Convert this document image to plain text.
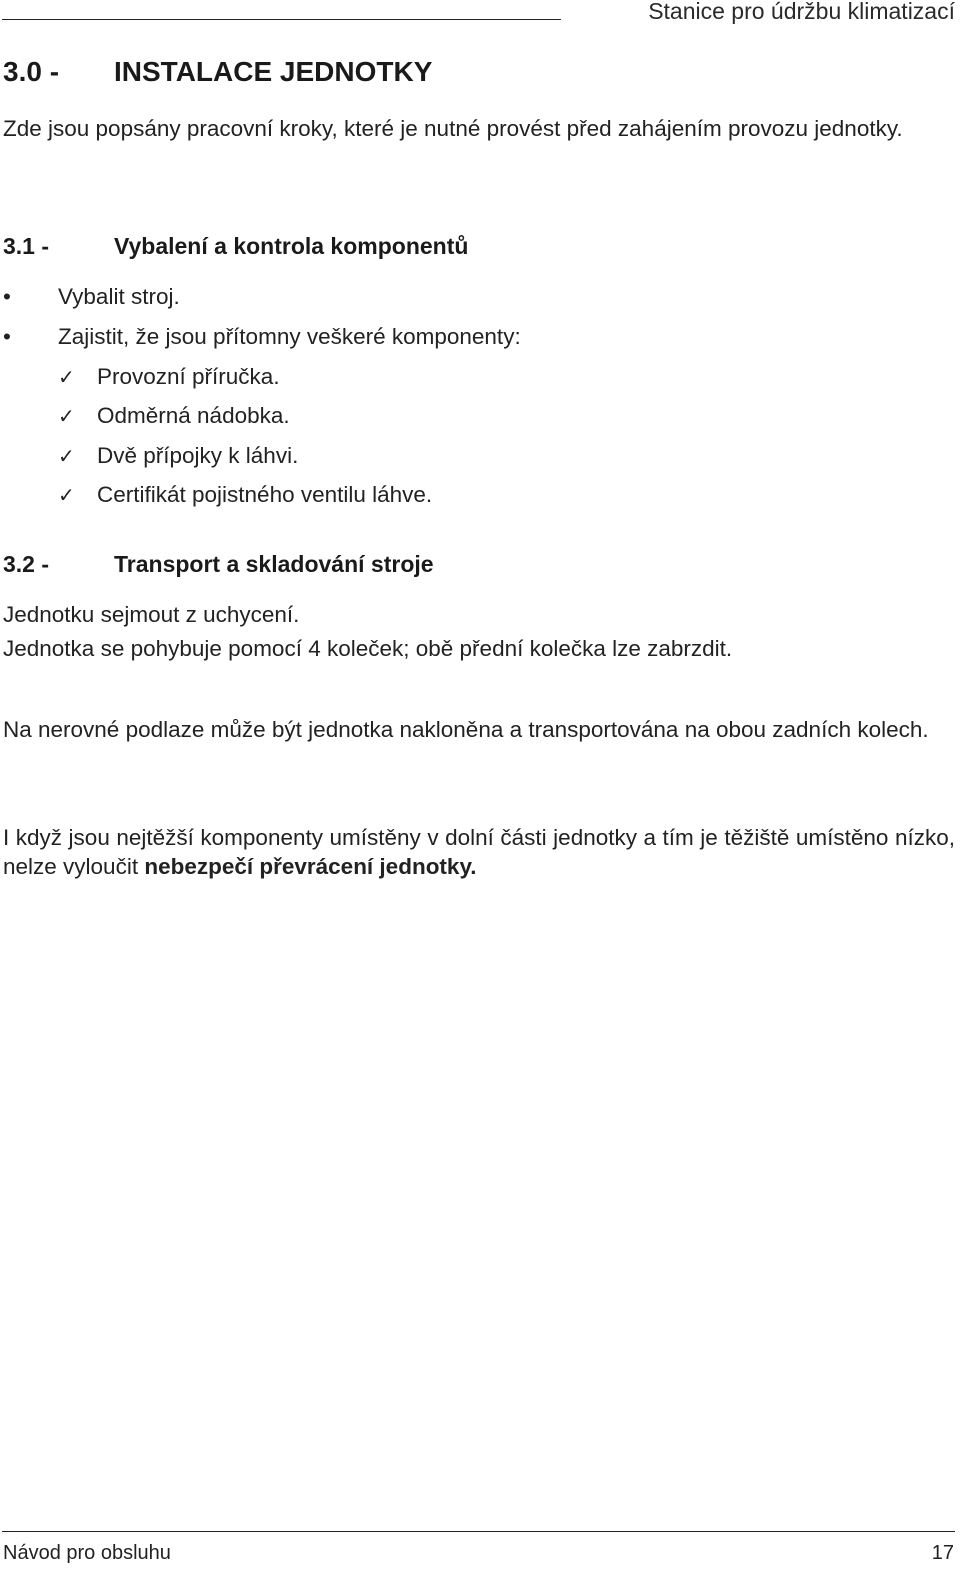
Stanice pro údržbu klimatizací
3.0 - INSTALACE JEDNOTKY

Zde jsou popsány pracovní kroky, které je nutné provést před zahájením provozu jednotky.

3.1 -	Vybalení a kontrola komponentů
• Vybalit stroj.
• Zajistit, že jsou přítomny veškeré komponenty:
✓ Provozní příručka.
✓ Odměrná nádobka.
✓ Dvě přípojky k láhvi.
✓ Certifikát pojistného ventilu láhve.
3.2 -	Transport a skladování stroje
Jednotku sejmout z uchycení.
Jednotka se pohybuje pomocí 4 koleček; obě přední kolečka lze zabrzdit.

Na nerovné podlaze může být jednotka nakloněna a transportována na obou zadních kolech.

I když jsou nejtěžší komponenty umístěny v dolní části jednotky a tím je těžiště umístěno nízko, nelze vyloučit nebezpečí převrácení jednotky.

Návod pro obsluhu	17
